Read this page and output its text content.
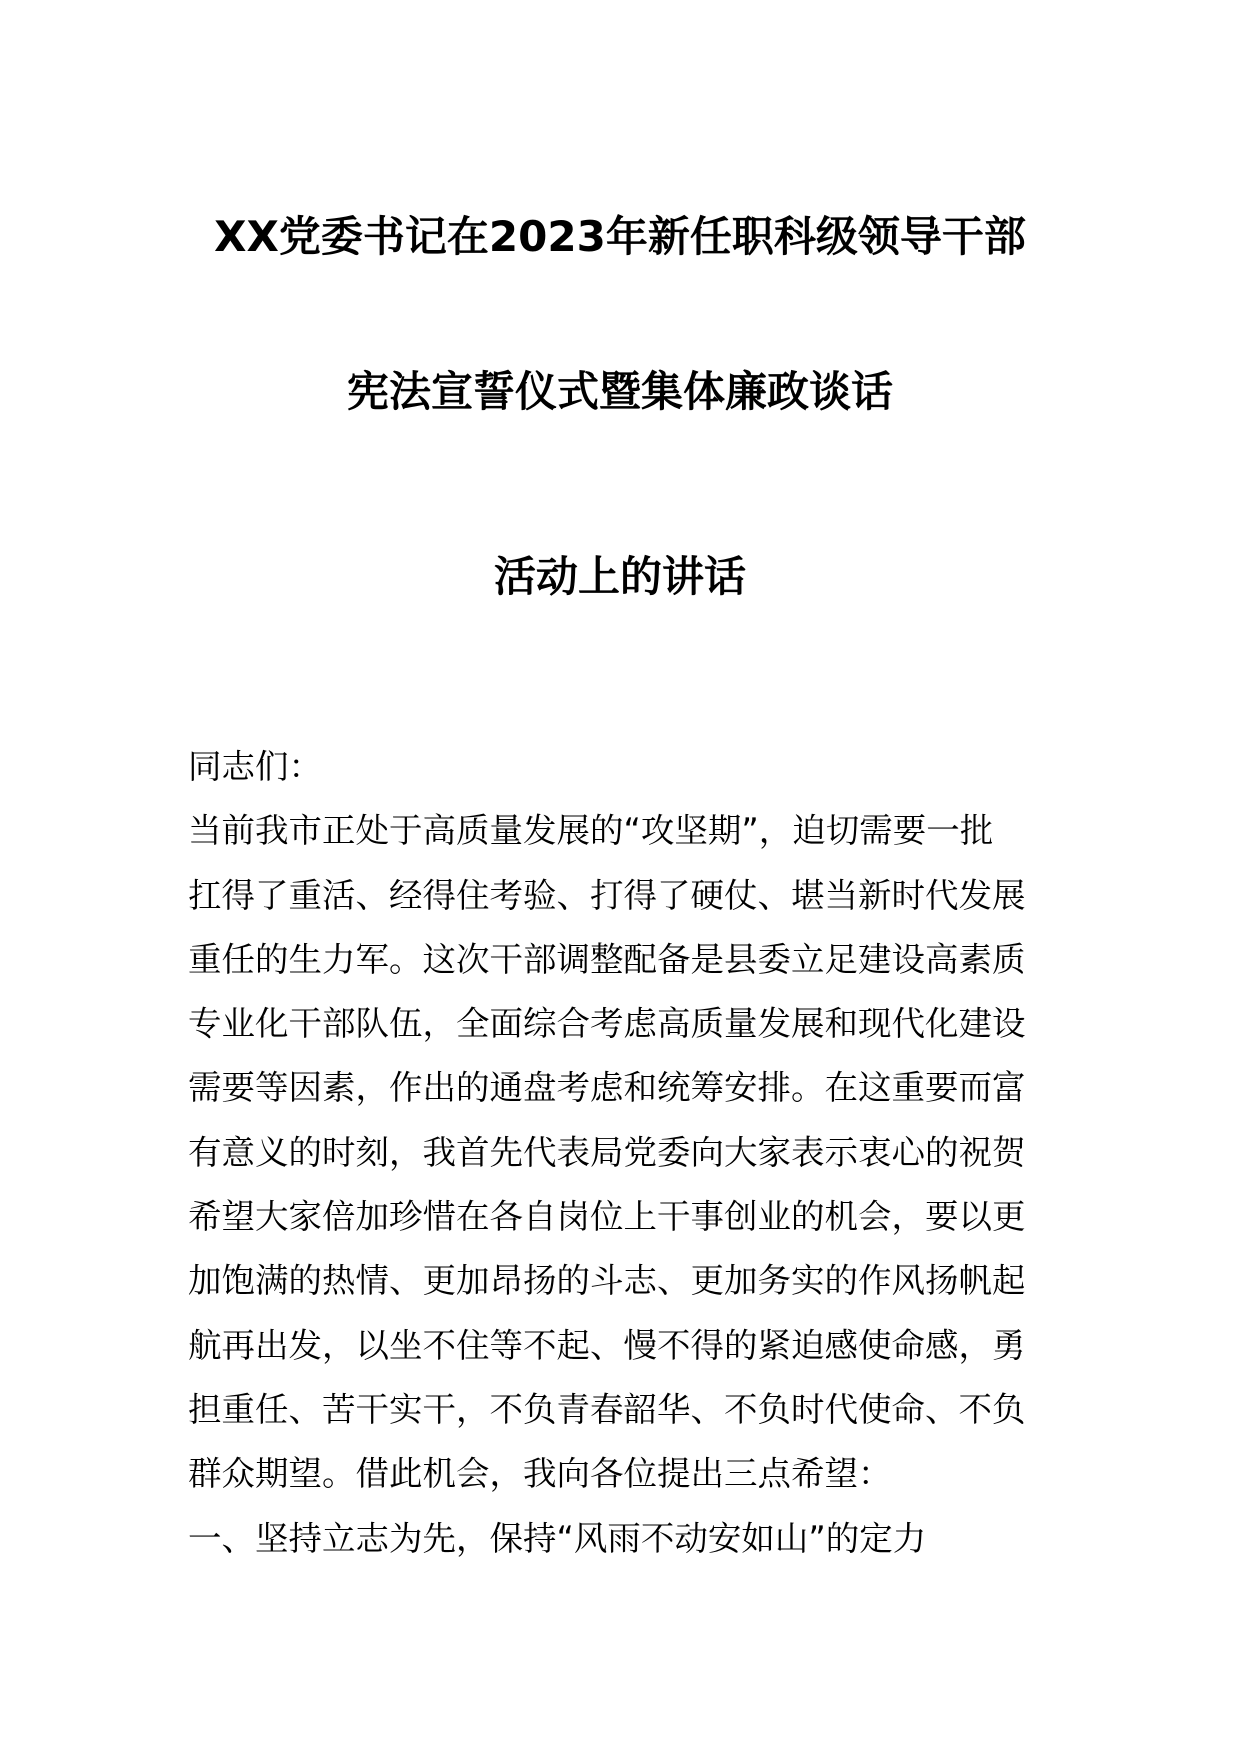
XX党委书记在2023年新任职科级领导干部
宪法宣誓仪式暨集体廉政谈话
活动上的讲话
同志们：
当前我市正处于高质量发展的“攻坚期”，迫切需要一批
扛得了重活、经得住考验、打得了硬仗、堪当新时代发展
重任的生力军。这次干部调整配备是县委立足建设高素质
专业化干部队伍，全面综合考虑高质量发展和现代化建设
需要等因素，作出的通盘考虑和统筹安排。在这重要而富
有意义的时刻，我首先代表局党委向大家表示衷心的祝贺
希望大家倍加珍惜在各自岗位上干事创业的机会，要以更
加饱满的热情、更加昂扬的斗志、更加务实的作风扬帆起
航再出发，以坐不住等不起、慢不得的紧迫感使命感，勇
担重任、苦干实干，不负青春韶华、不负时代使命、不负
群众期望。借此机会，我向各位提出三点希望：
一、坚持立志为先，保持“风雨不动安如山”的定力
